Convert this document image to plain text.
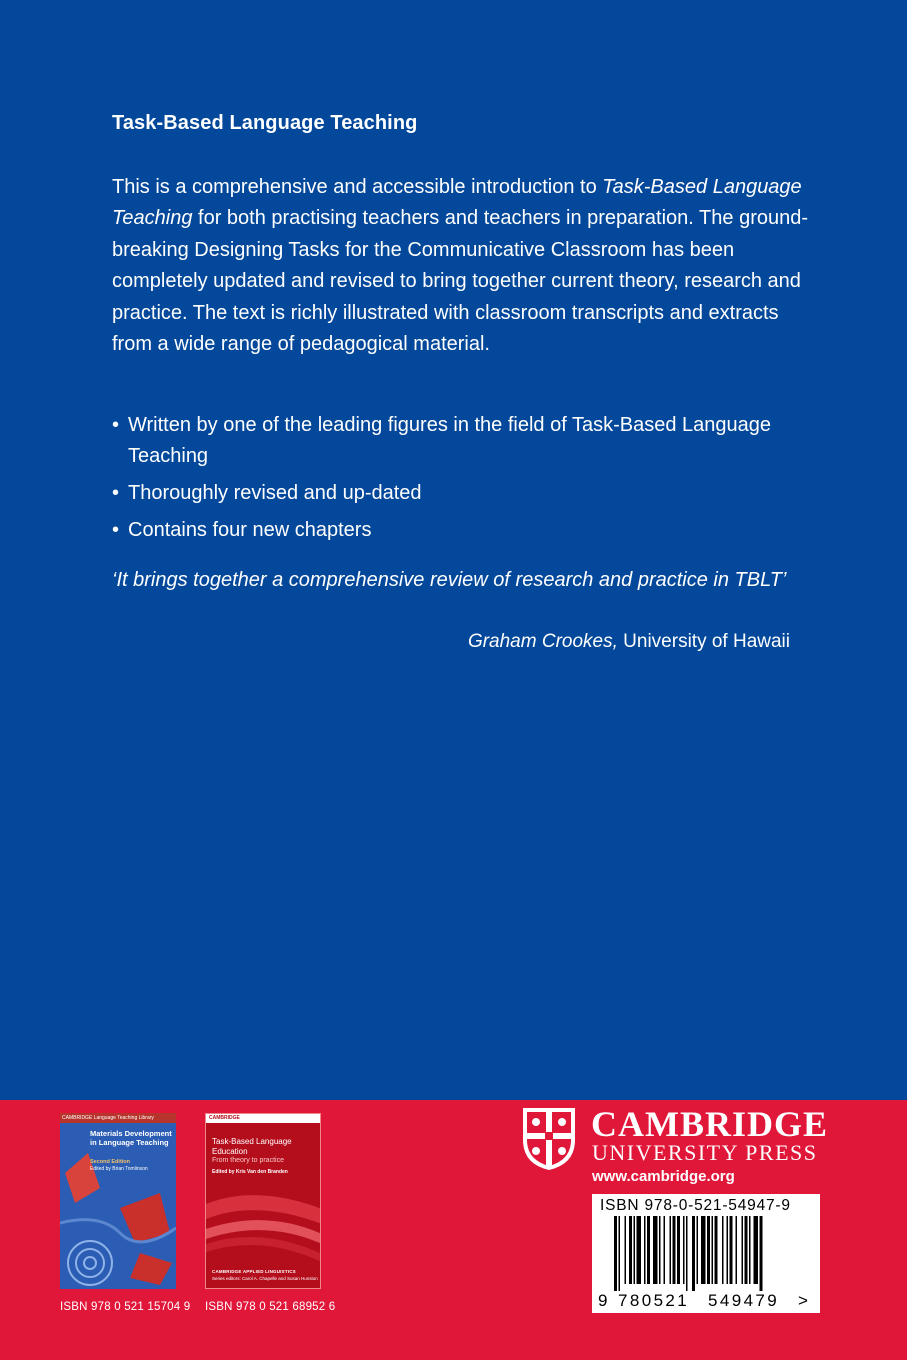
Task-Based Language Teaching

This is a comprehensive and accessible introduction to Task-Based Language Teaching for both practising teachers and teachers in preparation. The ground-breaking Designing Tasks for the Communicative Classroom has been completely updated and revised to bring together current theory, research and practice. The text is richly illustrated with classroom transcripts and extracts from a wide range of pedagogical material.

• Written by one of the leading figures in the field of Task-Based Language Teaching
• Thoroughly revised and up-dated
• Contains four new chapters

‘It brings together a comprehensive review of research and practice in TBLT’

Graham Crookes, University of Hawaii
CAMBRIDGE Language Teaching Library
Materials Development in Language Teaching
Second Edition
Edited by Brian Tomlinson
ISBN 978 0 521 15704 9
CAMBRIDGE
Task-Based Language Education
From theory to practice
Edited by Kris Van den Branden
CAMBRIDGE APPLIED LINGUISTICS
Series editors: Carol A. Chapelle and Susan Hunston
ISBN 978 0 521 68952 6
CAMBRIDGE
UNIVERSITY PRESS
www.cambridge.org
ISBN 978-0-521-54947-9
9 780521 549479 >
